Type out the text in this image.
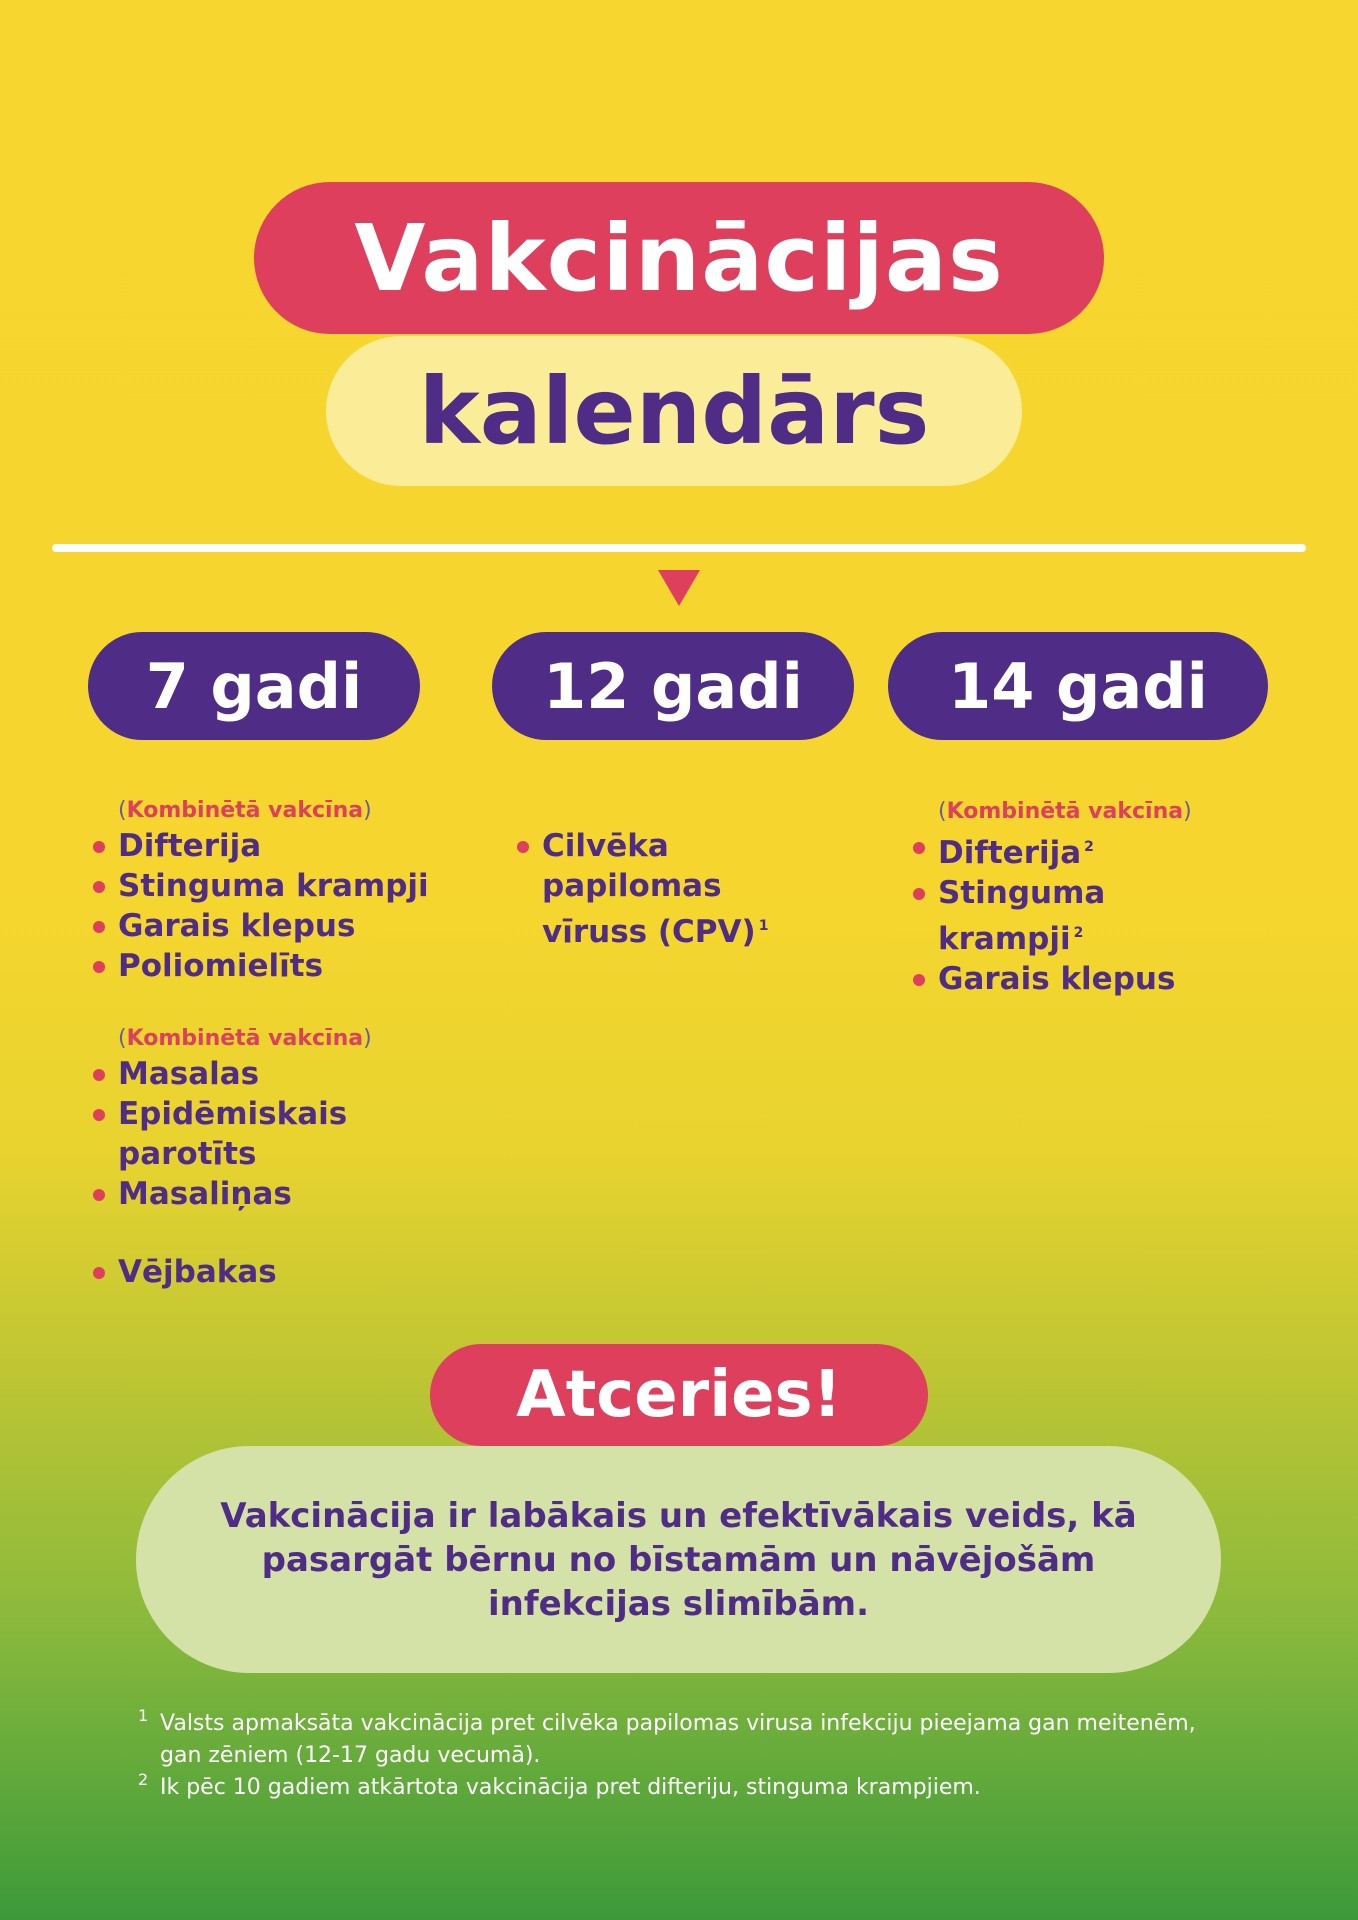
Vakcinācijas
kalendārs
7 gadi	12 gadi	14 gadi
(Kombinētā vakcīna)
Difterija
Stinguma krampji
Garais klepus
Poliomielīts
(Kombinētā vakcīna)
Masalas
Epidēmiskais parotīts
Masaliņas
Vējbakas
Cilvēka papilomas vīruss (CPV) $^1$
(Kombinētā vakcīna)
Difterija $^2$
Stinguma krampji $^2$
Garais klepus
Atceries!
Vakcinācija ir labākais un efektīvākais veids, kā pasargāt bērnu no bīstamām un nāvējošām infekcijas slimībām.
1 Valsts apmaksāta vakcinācija pret cilvēka papilomas virusa infekciju pieejama gan meitenēm, gan zēniem (12-17 gadu vecumā).
2 Ik pēc 10 gadiem atkārtota vakcinācija pret difteriju, stinguma krampjiem.
